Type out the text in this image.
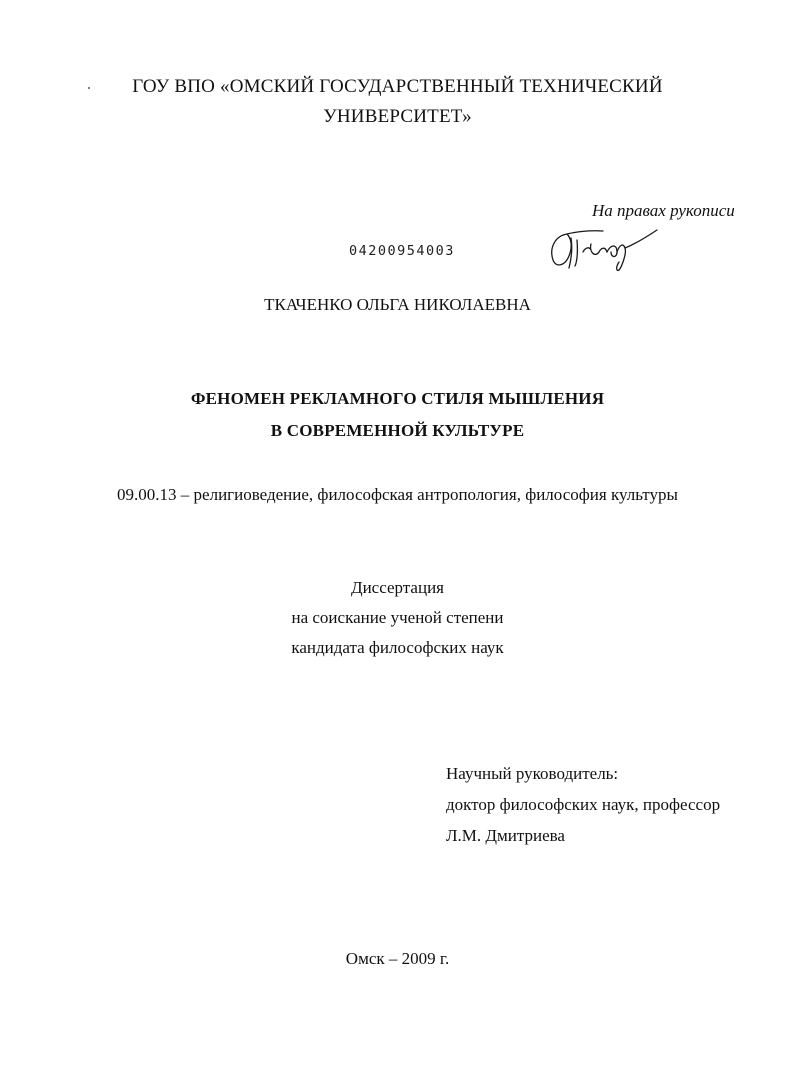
ГОУ ВПО «ОМСКИЙ ГОСУДАРСТВЕННЫЙ ТЕХНИЧЕСКИЙ
УНИВЕРСИТЕТ»
На правах рукописи
04200954003
ТКАЧЕНКО ОЛЬГА НИКОЛАЕВНА
ФЕНОМЕН РЕКЛАМНОГО СТИЛЯ МЫШЛЕНИЯ
В СОВРЕМЕННОЙ КУЛЬТУРЕ
09.00.13 – религиоведение, философская антропология, философия культуры
Диссертация
на соискание ученой степени
кандидата философских наук
Научный руководитель:
доктор философских наук, профессор
Л.М. Дмитриева
Омск – 2009 г.
